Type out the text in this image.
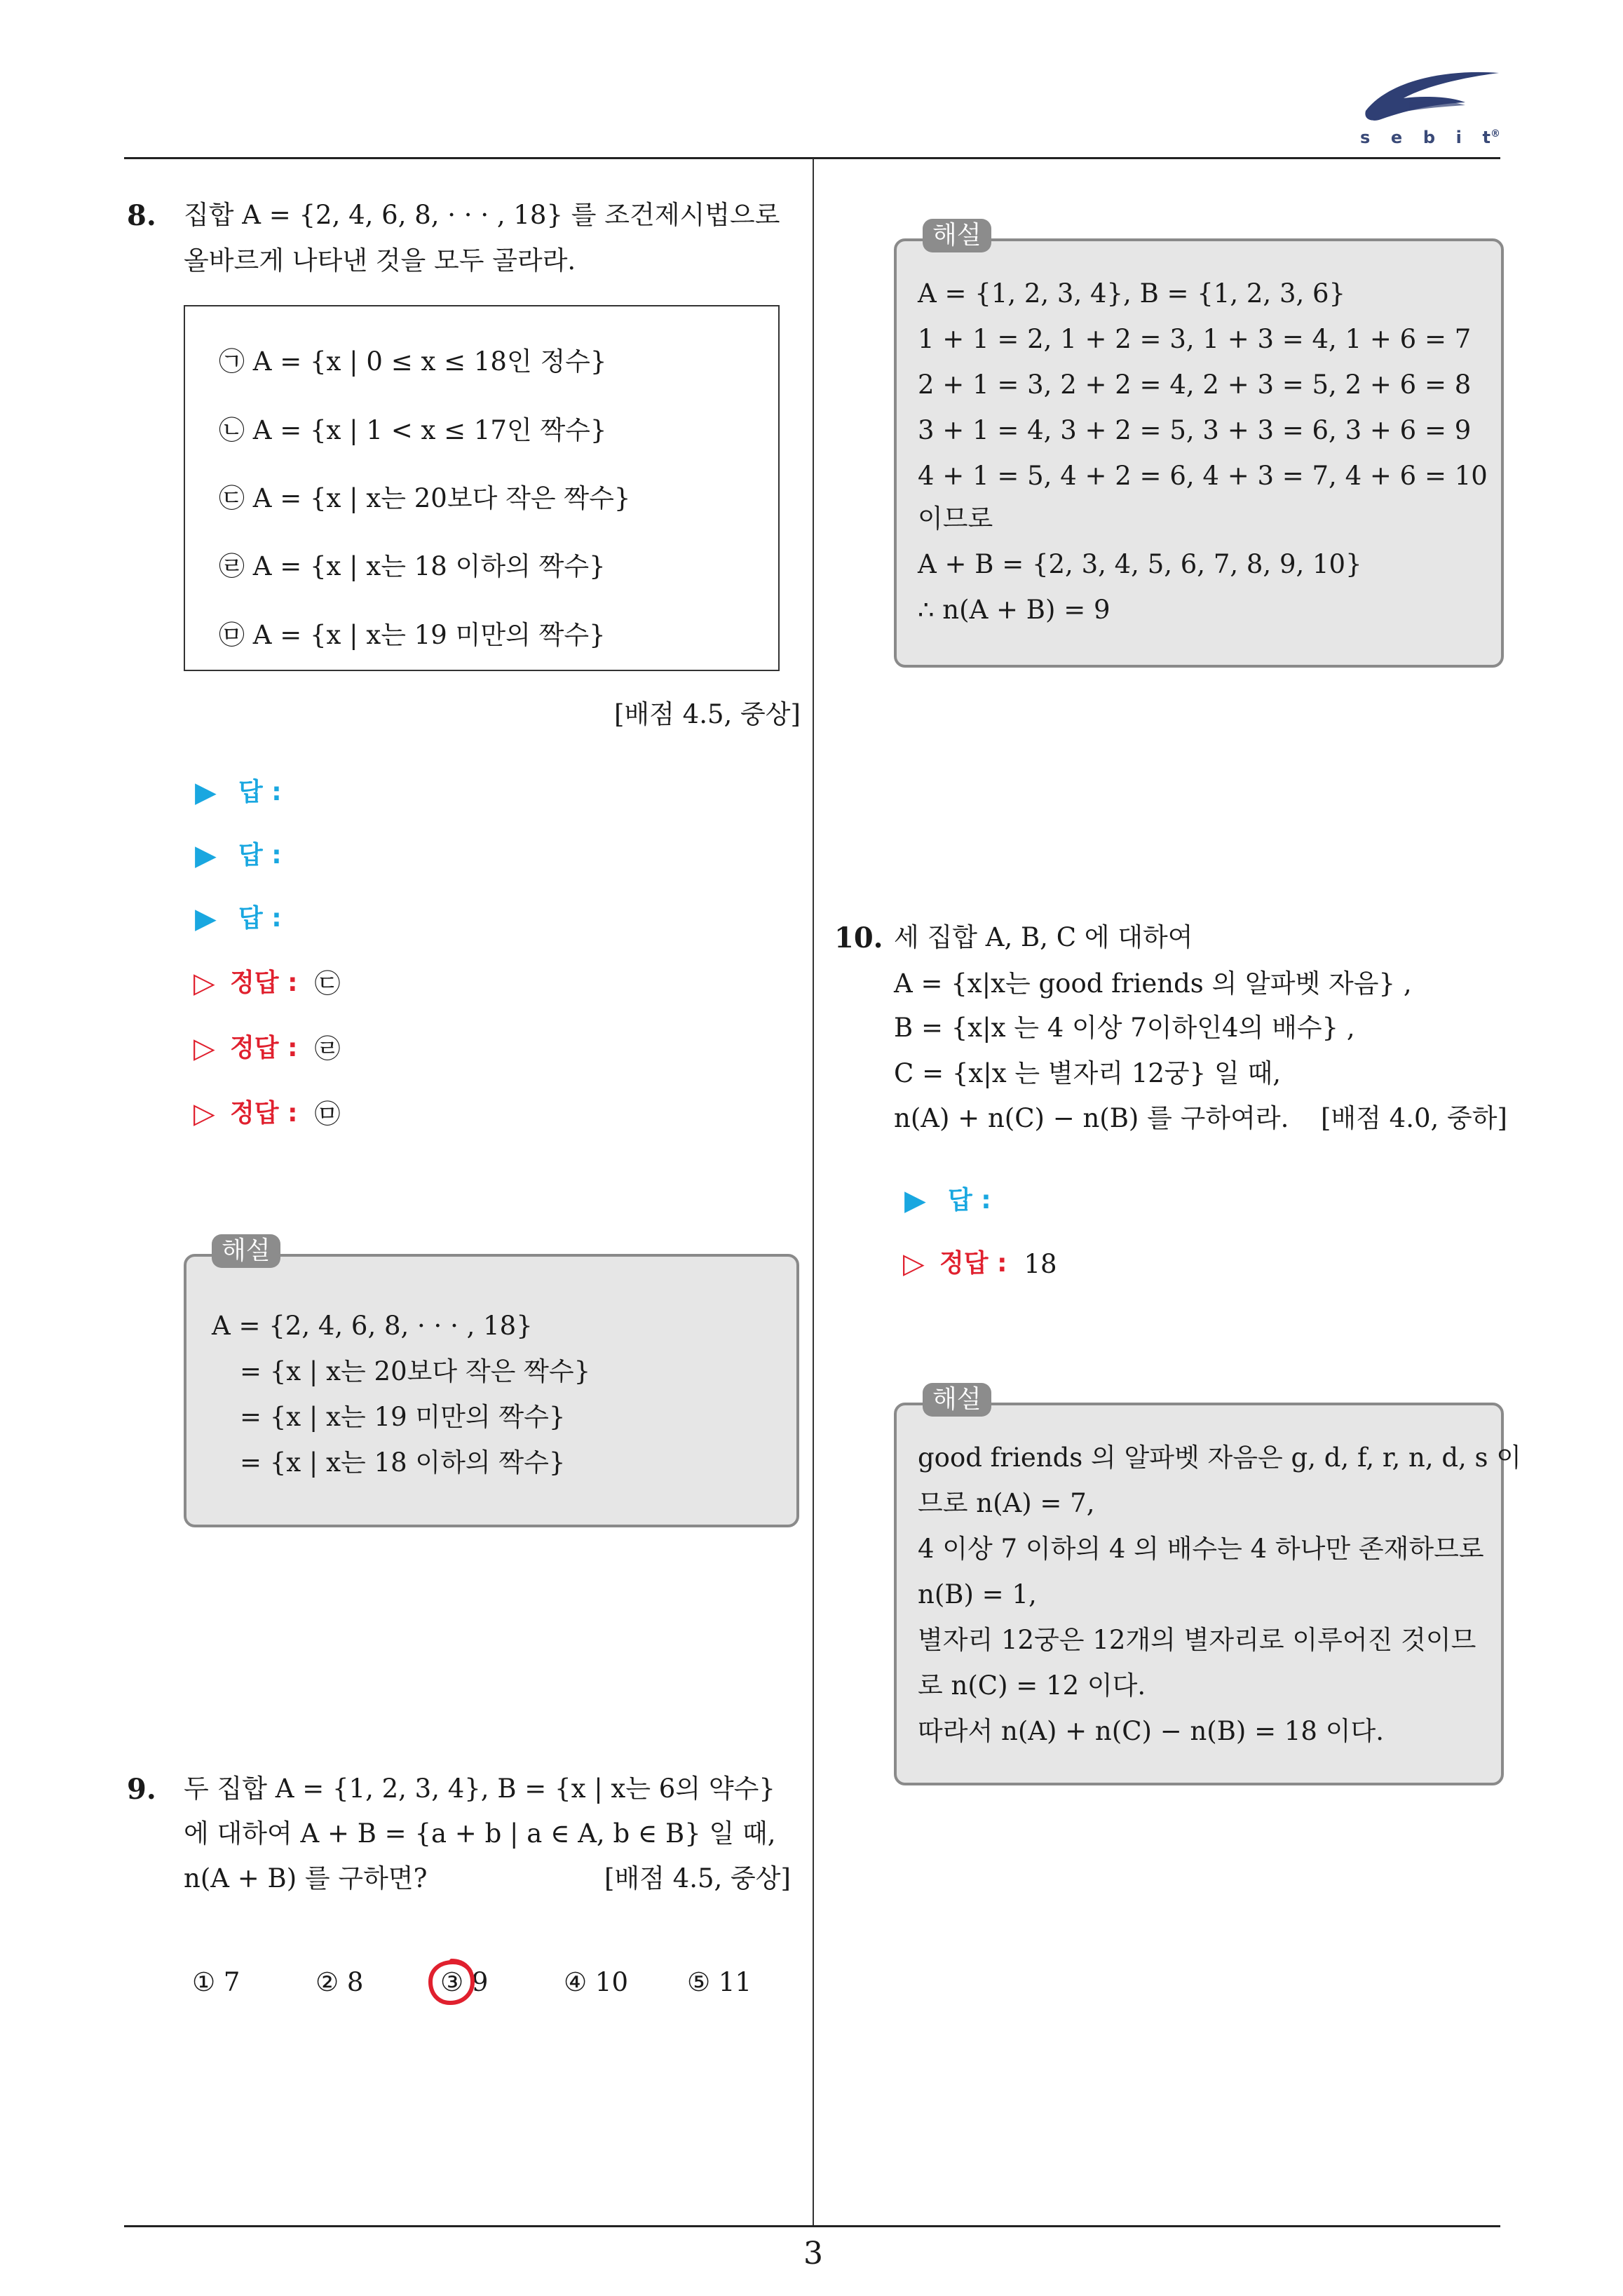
s e b i t®
3
8. 집합 A = {2, 4, 6, 8, · · · , 18} 를 조건제시법으로
올바르게 나타낸 것을 모두 골라라.
㉠ A = {x | 0 ≤ x ≤ 18인 정수}
㉡ A = {x | 1 < x ≤ 17인 짝수}
㉢ A = {x | x는 20보다 작은 짝수}
㉣ A = {x | x는 18 이하의 짝수}
㉤ A = {x | x는 19 미만의 짝수}
[배점 4.5, 중상]
▶ 답 :
▶ 답 :
▶ 답 :
▷ 정답 : ㉢
▷ 정답 : ㉣
▷ 정답 : ㉤
A = {2, 4, 6, 8, · · · , 18}
= {x | x는 20보다 작은 짝수}
= {x | x는 19 미만의 짝수}
= {x | x는 18 이하의 짝수}
해설
9. 두 집합 A = {1, 2, 3, 4}, B = {x | x는 6의 약수}
에 대하여 A + B = {a + b | a ∈ A, b ∈ B} 일 때,
n(A + B) 를 구하면?	[배점 4.5, 중상]
① 7	② 8	③ 9	④ 10 ⑤ 11
A = {1, 2, 3, 4}, B = {1, 2, 3, 6}
1 + 1 = 2, 1 + 2 = 3, 1 + 3 = 4, 1 + 6 = 7
2 + 1 = 3, 2 + 2 = 4, 2 + 3 = 5, 2 + 6 = 8
3 + 1 = 4, 3 + 2 = 5, 3 + 3 = 6, 3 + 6 = 9
4 + 1 = 5, 4 + 2 = 6, 4 + 3 = 7, 4 + 6 = 10
이므로
A + B = {2, 3, 4, 5, 6, 7, 8, 9, 10}
∴ n(A + B) = 9
해설
10. 세 집합 A, B, C 에 대하여
A = {x|x는 good friends 의 알파벳 자음} ,
B = {x|x 는 4 이상 7이하인4의 배수} ,
C = {x|x 는 별자리 12궁} 일 때,
n(A) + n(C) − n(B) 를 구하여라. [배점 4.0, 중하]
▶ 답 :
▷ 정답 : 18
good friends 의 알파벳 자음은 g, d, f, r, n, d, s 이
므로 n(A) = 7,
4 이상 7 이하의 4 의 배수는 4 하나만 존재하므로
n(B) = 1,
별자리 12궁은 12개의 별자리로 이루어진 것이므
로 n(C) = 12 이다.
따라서 n(A) + n(C) − n(B) = 18 이다.
해설
